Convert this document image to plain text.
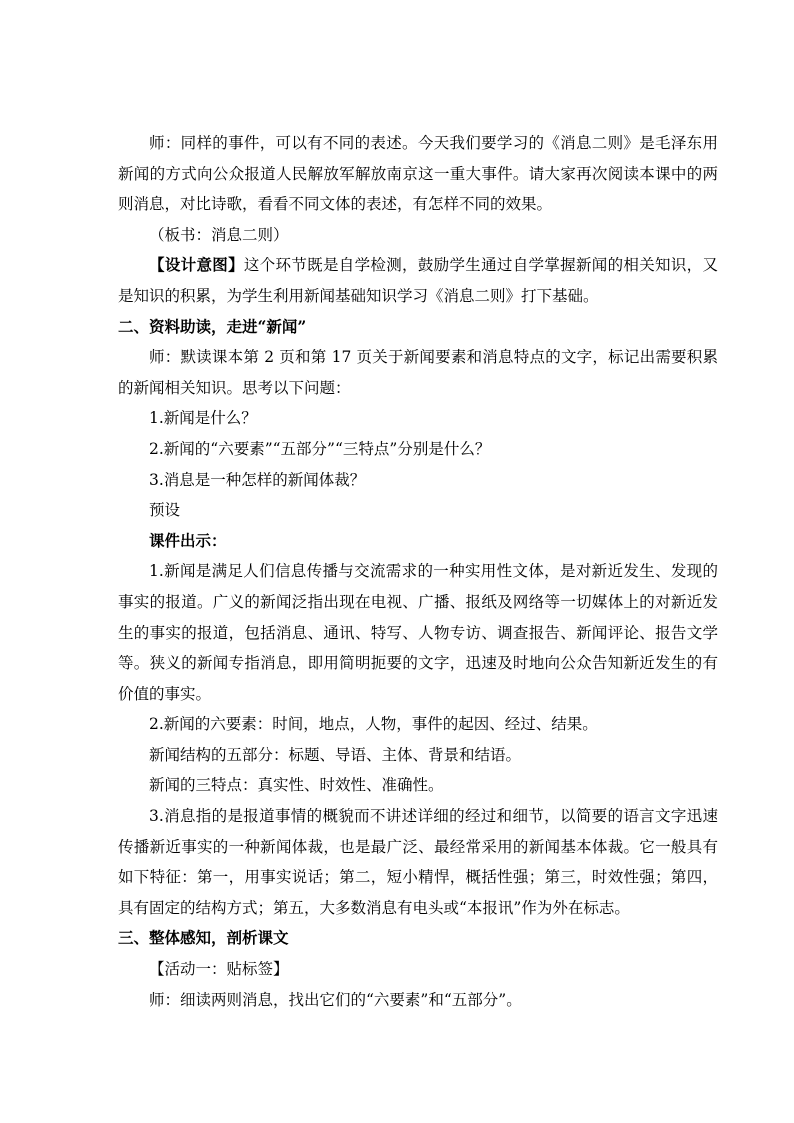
师：同样的事件，可以有不同的表述。今天我们要学习的《消息二则》是毛泽东用新闻的方式向公众报道人民解放军解放南京这一重大事件。请大家再次阅读本课中的两则消息，对比诗歌，看看不同文体的表述，有怎样不同的效果。

（板书：消息二则）

【设计意图】这个环节既是自学检测，鼓励学生通过自学掌握新闻的相关知识，又是知识的积累，为学生利用新闻基础知识学习《消息二则》打下基础。

二、资料助读，走进“新闻”

师：默读课本第 2 页和第 17 页关于新闻要素和消息特点的文字，标记出需要积累的新闻相关知识。思考以下问题：

1.新闻是什么？

2.新闻的“六要素”“五部分”“三特点”分别是什么？

3.消息是一种怎样的新闻体裁？

预设

课件出示：

1.新闻是满足人们信息传播与交流需求的一种实用性文体，是对新近发生、发现的事实的报道。广义的新闻泛指出现在电视、广播、报纸及网络等一切媒体上的对新近发生的事实的报道，包括消息、通讯、特写、人物专访、调查报告、新闻评论、报告文学等。狭义的新闻专指消息，即用简明扼要的文字，迅速及时地向公众告知新近发生的有价值的事实。

2.新闻的六要素：时间，地点，人物，事件的起因、经过、结果。

新闻结构的五部分：标题、导语、主体、背景和结语。

新闻的三特点：真实性、时效性、准确性。

3.消息指的是报道事情的概貌而不讲述详细的经过和细节，以简要的语言文字迅速传播新近事实的一种新闻体裁，也是最广泛、最经常采用的新闻基本体裁。它一般具有如下特征：第一，用事实说话；第二，短小精悍，概括性强；第三，时效性强；第四，具有固定的结构方式；第五，大多数消息有电头或“本报讯”作为外在标志。

三、整体感知，剖析课文

【活动一：贴标签】

师：细读两则消息，找出它们的“六要素”和“五部分”。
